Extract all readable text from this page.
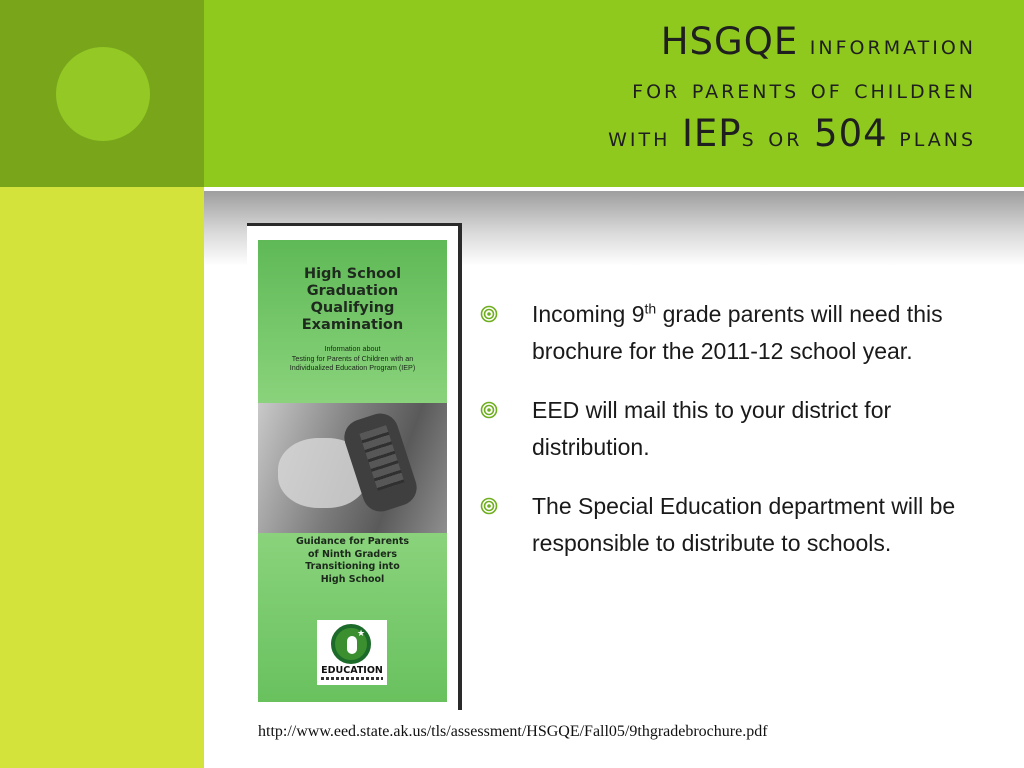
HSGQE information
for parents of children
with IEPs or 504 plans
High School
Graduation
Qualifying
Examination
Information about
Testing for Parents of Children with an
Individualized Education Program (IEP)
Guidance for Parents
of Ninth Graders
Transitioning into
High School
★
EDUCATION
Incoming 9th grade parents will need this brochure for the 2011-12 school year.
EED will mail this to your district for distribution.
The Special Education department will be responsible to distribute to schools.
http://www.eed.state.ak.us/tls/assessment/HSGQE/Fall05/9thgradebrochure.pdf
